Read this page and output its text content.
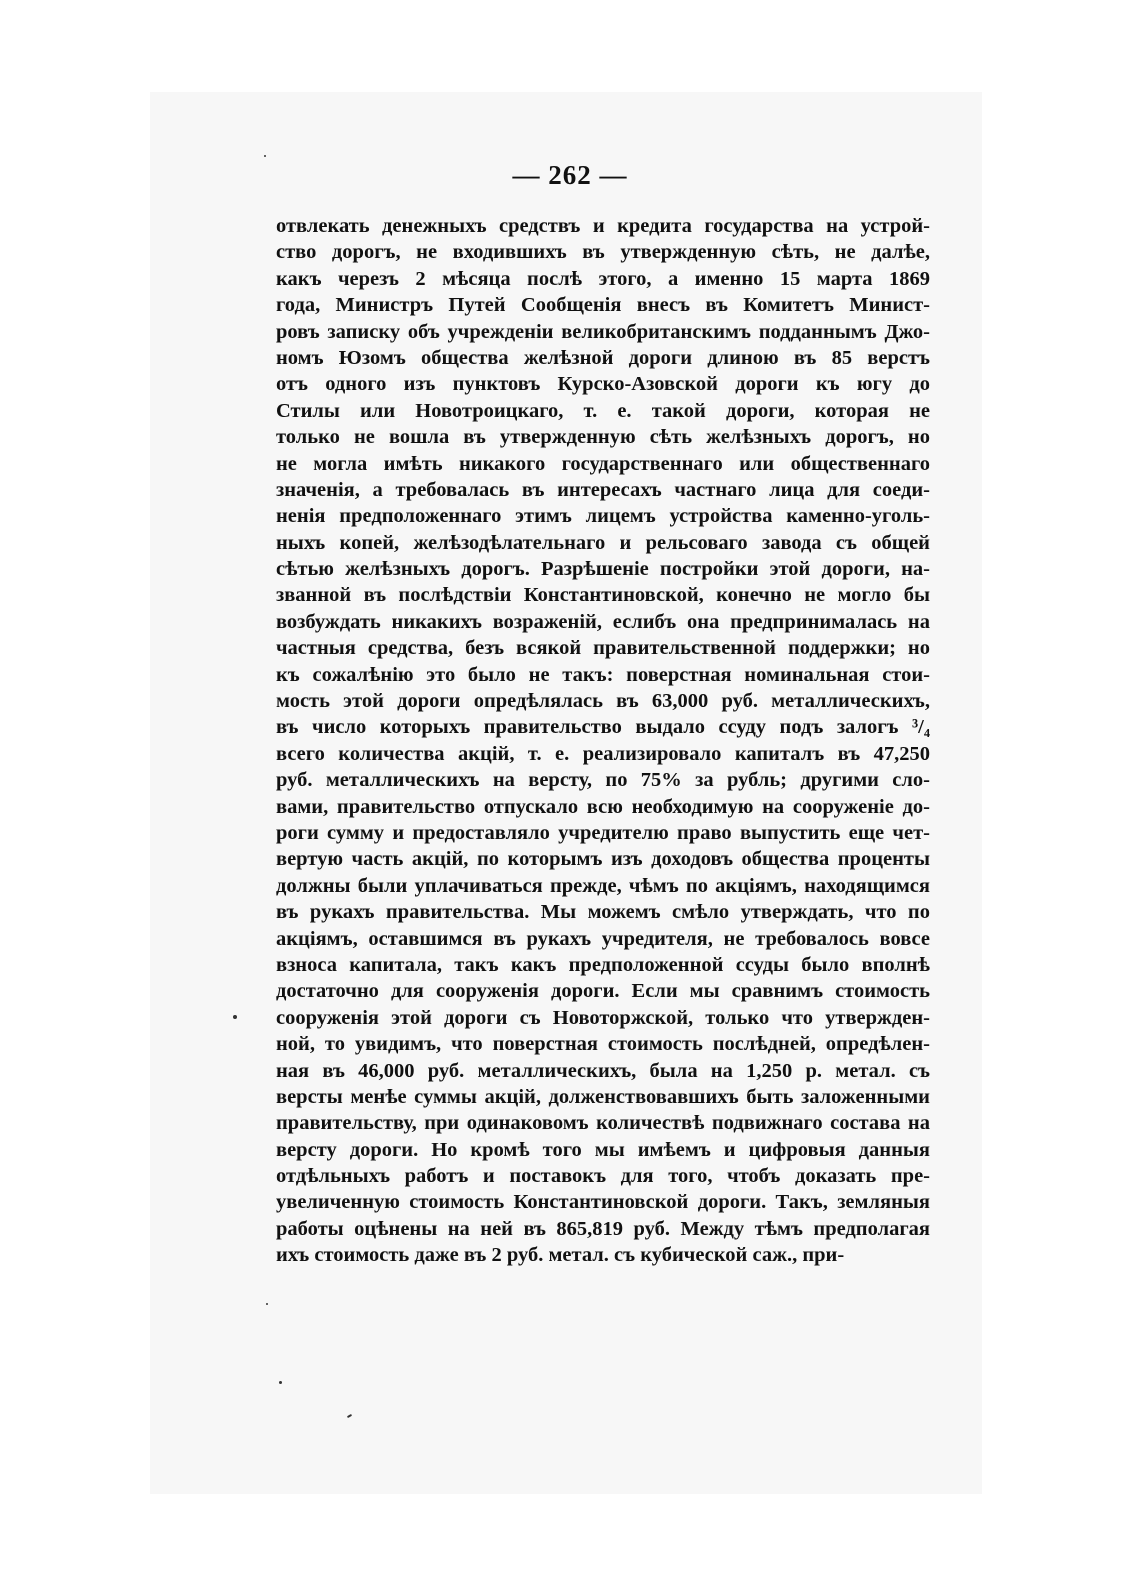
— 262 —
отвлекать денежныхъ средствъ и кредита государства на устрой-
ство дорогъ, не входившихъ въ утвержденную сѣть, не далѣе,
какъ черезъ 2 мѣсяца послѣ этого, а именно 15 марта 1869
года, Министръ Путей Сообщенія внесъ въ Комитетъ Минист-
ровъ записку объ учрежденіи великобританскимъ подданнымъ Джо-
номъ Юзомъ общества желѣзной дороги длиною въ 85 верстъ
отъ одного изъ пунктовъ Курско-Азовской дороги къ югу до
Стилы или Новотроицкаго, т. е. такой дороги, которая не
только не вошла въ утвержденную сѣть желѣзныхъ дорогъ, но
не могла имѣть никакого государственнаго или общественнаго
значенія, а требовалась въ интересахъ частнаго лица для соеди-
ненія предположеннаго этимъ лицемъ устройства каменно-уголь-
ныхъ копей, желѣзодѣлательнаго и рельсоваго завода съ общей
сѣтью желѣзныхъ дорогъ. Разрѣшеніе постройки этой дороги, на-
званной въ послѣдствіи Константиновской, конечно не могло бы
возбуждать никакихъ возраженій, еслибъ она предпринималась на
частныя средства, безъ всякой правительственной поддержки; но
къ сожалѣнію это было не такъ: поверстная номинальная стои-
мость этой дороги опредѣлялась въ 63,000 руб. металлическихъ,
въ число которыхъ правительство выдало ссуду подъ залогъ ³/₄
всего количества акцій, т. е. реализировало капиталъ въ 47,250
руб. металлическихъ на версту, по 75% за рубль; другими сло-
вами, правительство отпускало всю необходимую на сооруженіе до-
роги сумму и предоставляло учредителю право выпустить еще чет-
вертую часть акцій, по которымъ изъ доходовъ общества проценты
должны были уплачиваться прежде, чѣмъ по акціямъ, находящимся
въ рукахъ правительства. Мы можемъ смѣло утверждать, что по
акціямъ, оставшимся въ рукахъ учредителя, не требовалось вовсе
взноса капитала, такъ какъ предположенной ссуды было вполнѣ
достаточно для сооруженія дороги. Если мы сравнимъ стоимость
сооруженія этой дороги съ Новоторжской, только что утвержден-
ной, то увидимъ, что поверстная стоимость послѣдней, опредѣлен-
ная въ 46,000 руб. металлическихъ, была на 1,250 р. метал. съ
версты менѣе суммы акцій, долженствовавшихъ быть заложенными
правительству, при одинаковомъ количествѣ подвижнаго состава на
версту дороги. Но кромѣ того мы имѣемъ и цифровыя данныя
отдѣльныхъ работъ и поставокъ для того, чтобъ доказать пре-
увеличенную стоимость Константиновской дороги. Такъ, земляныя
работы оцѣнены на ней въ 865,819 руб. Между тѣмъ предполагая
ихъ стоимость даже въ 2 руб. метал. съ кубической саж., при-
